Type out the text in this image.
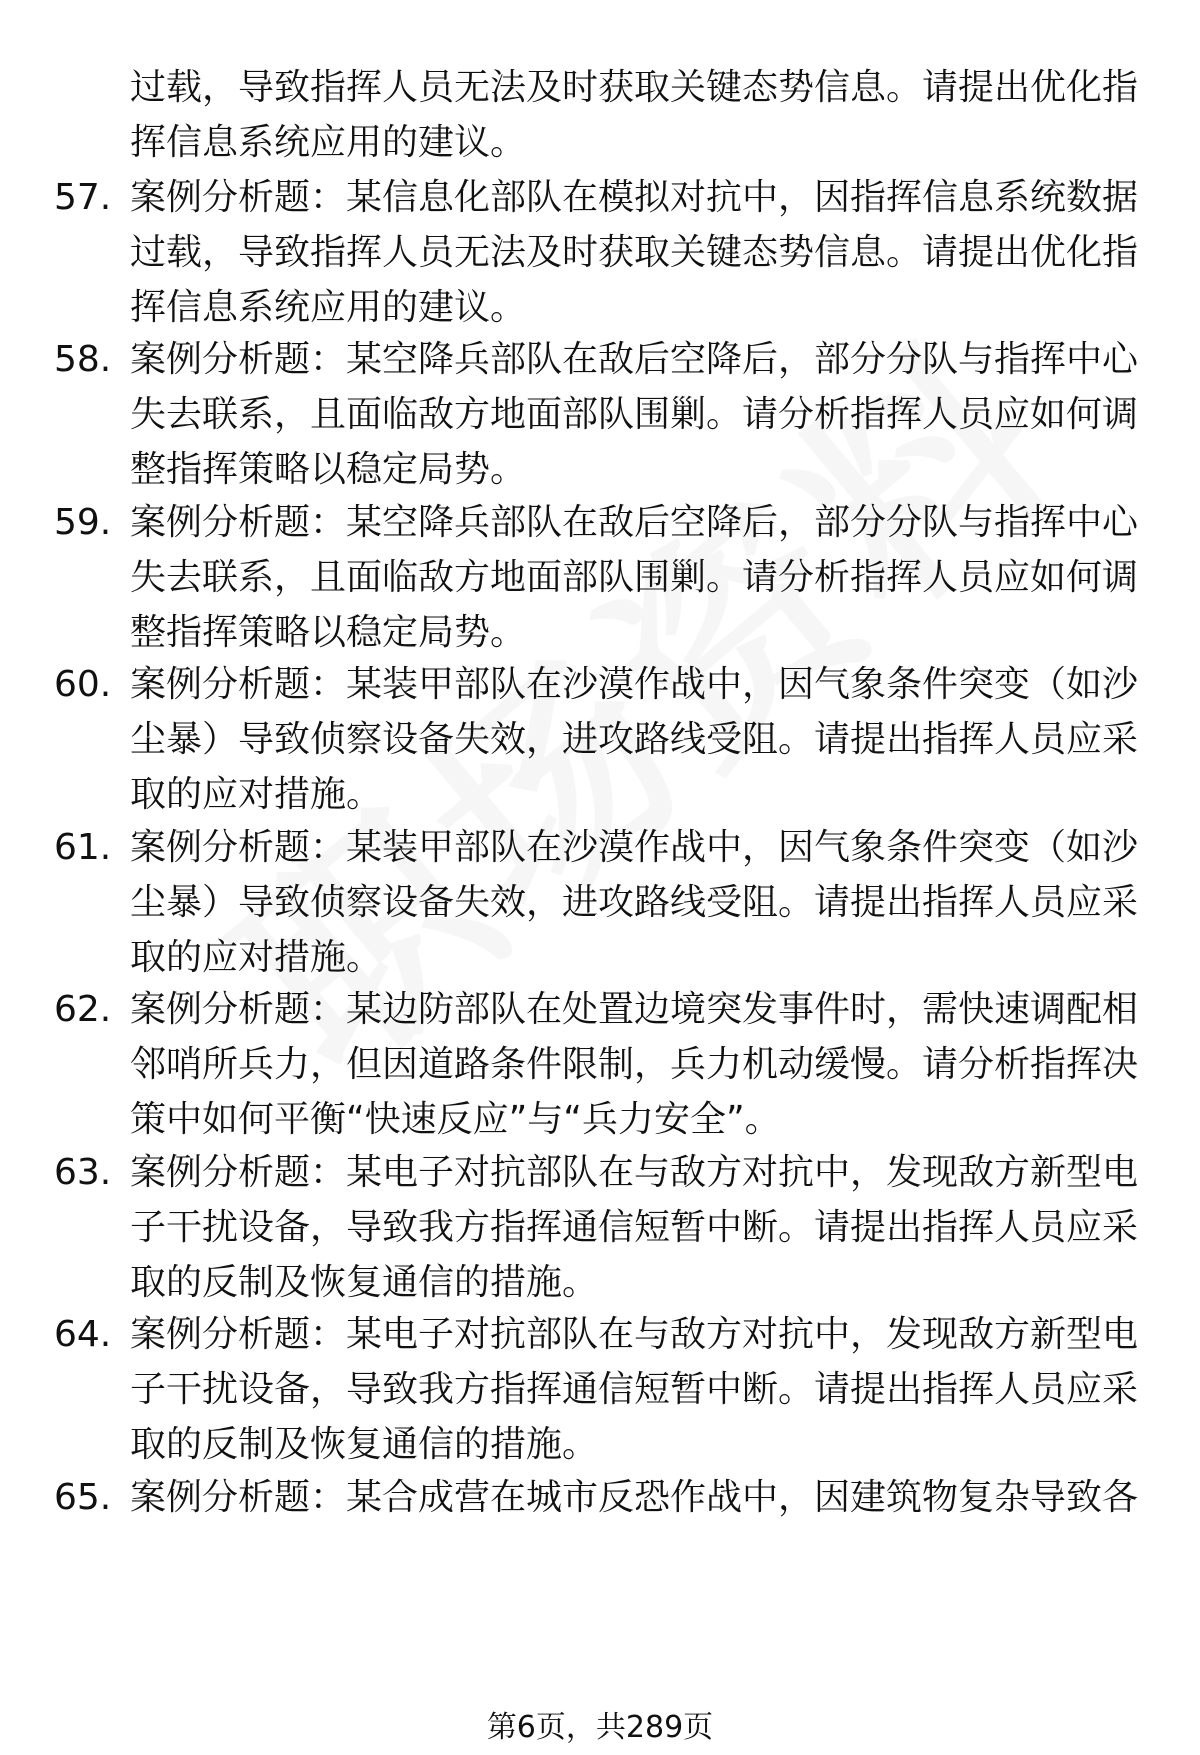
过载，导致指挥人员无法及时获取关键态势信息。请提出优化指
挥信息系统应用的建议。

57. 案例分析题：某信息化部队在模拟对抗中，因指挥信息系统数据
过载，导致指挥人员无法及时获取关键态势信息。请提出优化指
挥信息系统应用的建议。

58. 案例分析题：某空降兵部队在敌后空降后，部分分队与指挥中心
失去联系，且面临敌方地面部队围剿。请分析指挥人员应如何调
整指挥策略以稳定局势。

59. 案例分析题：某空降兵部队在敌后空降后，部分分队与指挥中心
失去联系，且面临敌方地面部队围剿。请分析指挥人员应如何调
整指挥策略以稳定局势。

60. 案例分析题：某装甲部队在沙漠作战中，因气象条件突变（如沙
尘暴）导致侦察设备失效，进攻路线受阻。请提出指挥人员应采
取的应对措施。

61. 案例分析题：某装甲部队在沙漠作战中，因气象条件突变（如沙
尘暴）导致侦察设备失效，进攻路线受阻。请提出指挥人员应采
取的应对措施。

62. 案例分析题：某边防部队在处置边境突发事件时，需快速调配相
邻哨所兵力，但因道路条件限制，兵力机动缓慢。请分析指挥决
策中如何平衡“快速反应”与“兵力安全”。

63. 案例分析题：某电子对抗部队在与敌方对抗中，发现敌方新型电
子干扰设备，导致我方指挥通信短暂中断。请提出指挥人员应采
取的反制及恢复通信的措施。

64. 案例分析题：某电子对抗部队在与敌方对抗中，发现敌方新型电
子干扰设备，导致我方指挥通信短暂中断。请提出指挥人员应采
取的反制及恢复通信的措施。

65. 案例分析题：某合成营在城市反恐作战中，因建筑物复杂导致各

第6页，共289页
